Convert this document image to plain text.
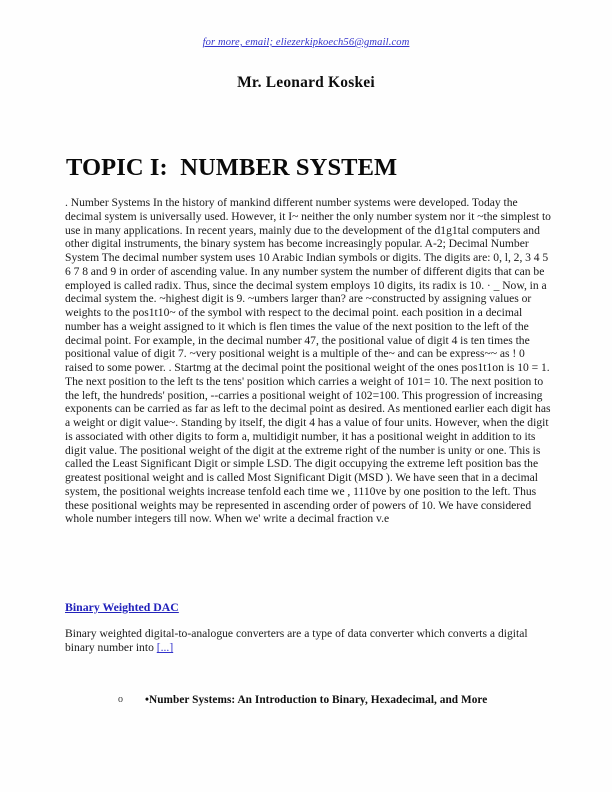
for more, email; eliezerkipkoech56@gmail.com
Mr. Leonard Koskei
TOPIC I:  NUMBER SYSTEM

. Number Systems In the history of mankind different number systems were developed. Today the decimal system is universally used. However, it I~ neither the only number system nor it ~the simplest to use in many applications. In recent years, mainly due to the development of the d1g1tal computers and other digital instruments, the binary system has become increasingly popular. A-2; Decimal Number System The decimal number system uses 10 Arabic Indian symbols or digits. The digits are: 0, l, 2, 3 4 5 6 7 8 and 9 in order of ascending value. In any number system the number of different digits that can be employed is called radix. Thus, since the decimal system employs 10 digits, its radix is 10. · _ Now, in a decimal system the. ~highest digit is 9. ~umbers larger than? are ~constructed by assigning values or weights to the pos1t10~ of the symbol with respect to the decimal point. each position in a decimal number has a weight assigned to it which is flen times the value of the next position to the left of the decimal point. For example, in the decimal number 47, the positional value of digit 4 is ten times the positional value of digit 7. ~very positional weight is a multiple of the~ and can be express~~ as ! 0 raised to some power. . Startmg at the decimal point the positional weight of the ones pos1t1on is 10 = 1. The next position to the left ts the tens' position which carries a weight of 101= 10. The next position to the left, the hundreds' position, --carries a positional weight of 102=100. This progression of increasing exponents can be carried as far as left to the decimal point as desired. As mentioned earlier each digit has a weight or digit value~. Standing by itself, the digit 4 has a value of four units. However, when the digit is associated with other digits to form a, multidigit number, it has a positional weight in addition to its digit value. The positional weight of the digit at the extreme right of the number is unity or one. This is called the Least Significant Digit or simple LSD. The digit occupying the extreme left position bas the greatest positional weight and is called Most Significant Digit (MSD ). We have seen that in a decimal system, the positional weights increase tenfold each time we , 1110ve by one position to the left. Thus these positional weights may be represented in ascending order of powers of 10. We have considered whole number integers till now. When we' write a decimal fraction v.e

Binary Weighted DAC

Binary weighted digital-to-analogue converters are a type of data converter which converts a digital binary number into [...]

o	•Number Systems: An Introduction to Binary, Hexadecimal, and More
